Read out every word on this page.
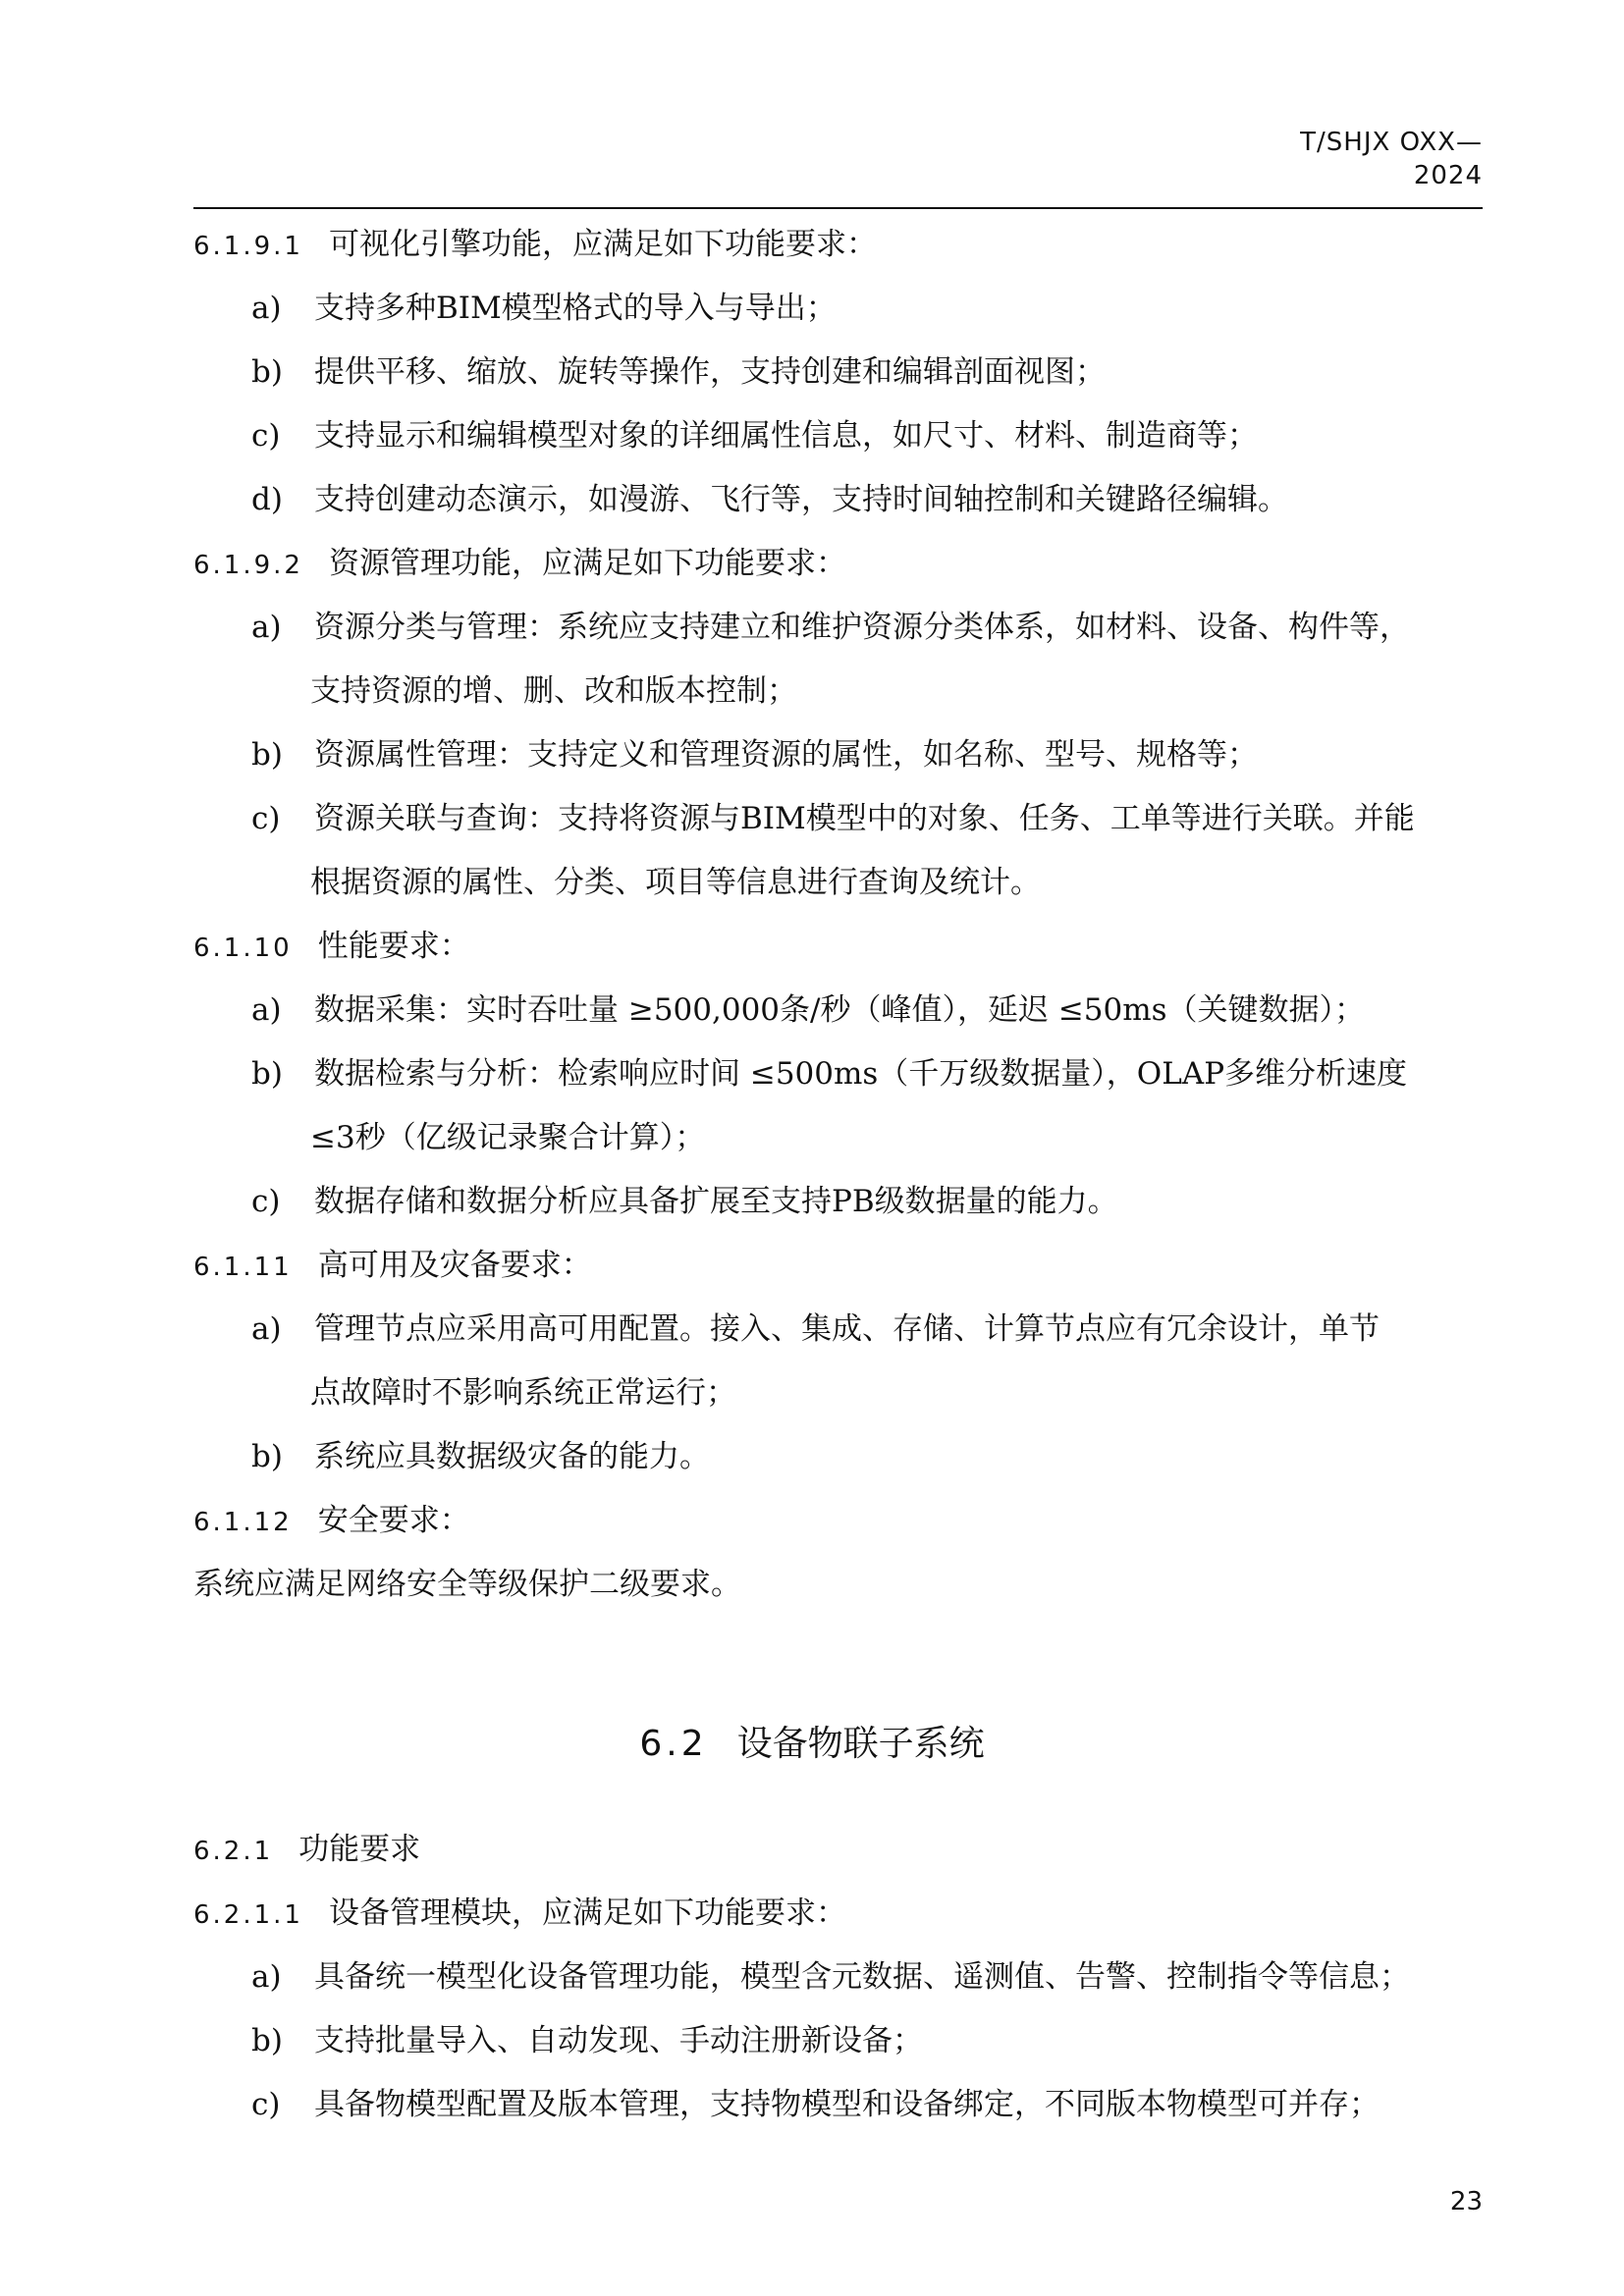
T/SHJX OXX—2024
6.1.9.1 可视化引擎功能，应满足如下功能要求：
a) 支持多种BIM模型格式的导入与导出；
b) 提供平移、缩放、旋转等操作，支持创建和编辑剖面视图；
c) 支持显示和编辑模型对象的详细属性信息，如尺寸、材料、制造商等；
d) 支持创建动态演示，如漫游、飞行等，支持时间轴控制和关键路径编辑。
6.1.9.2 资源管理功能，应满足如下功能要求：
a) 资源分类与管理：系统应支持建立和维护资源分类体系，如材料、设备、构件等，
支持资源的增、删、改和版本控制；
b) 资源属性管理：支持定义和管理资源的属性，如名称、型号、规格等；
c) 资源关联与查询：支持将资源与BIM模型中的对象、任务、工单等进行关联。并能
根据资源的属性、分类、项目等信息进行查询及统计。
6.1.10 性能要求：
a) 数据采集：实时吞吐量 ≥500,000条/秒（峰值），延迟 ≤50ms（关键数据）；
b) 数据检索与分析：检索响应时间 ≤500ms（千万级数据量），OLAP多维分析速度
≤3秒（亿级记录聚合计算）；
c) 数据存储和数据分析应具备扩展至支持PB级数据量的能力。
6.1.11 高可用及灾备要求：
a) 管理节点应采用高可用配置。接入、集成、存储、计算节点应有冗余设计，单节
点故障时不影响系统正常运行；
b) 系统应具数据级灾备的能力。
6.1.12 安全要求：
系统应满足网络安全等级保护二级要求。
6.2 设备物联子系统
6.2.1 功能要求
6.2.1.1 设备管理模块，应满足如下功能要求：
a) 具备统一模型化设备管理功能，模型含元数据、遥测值、告警、控制指令等信息；
b) 支持批量导入、自动发现、手动注册新设备；
c) 具备物模型配置及版本管理，支持物模型和设备绑定，不同版本物模型可并存；
23
